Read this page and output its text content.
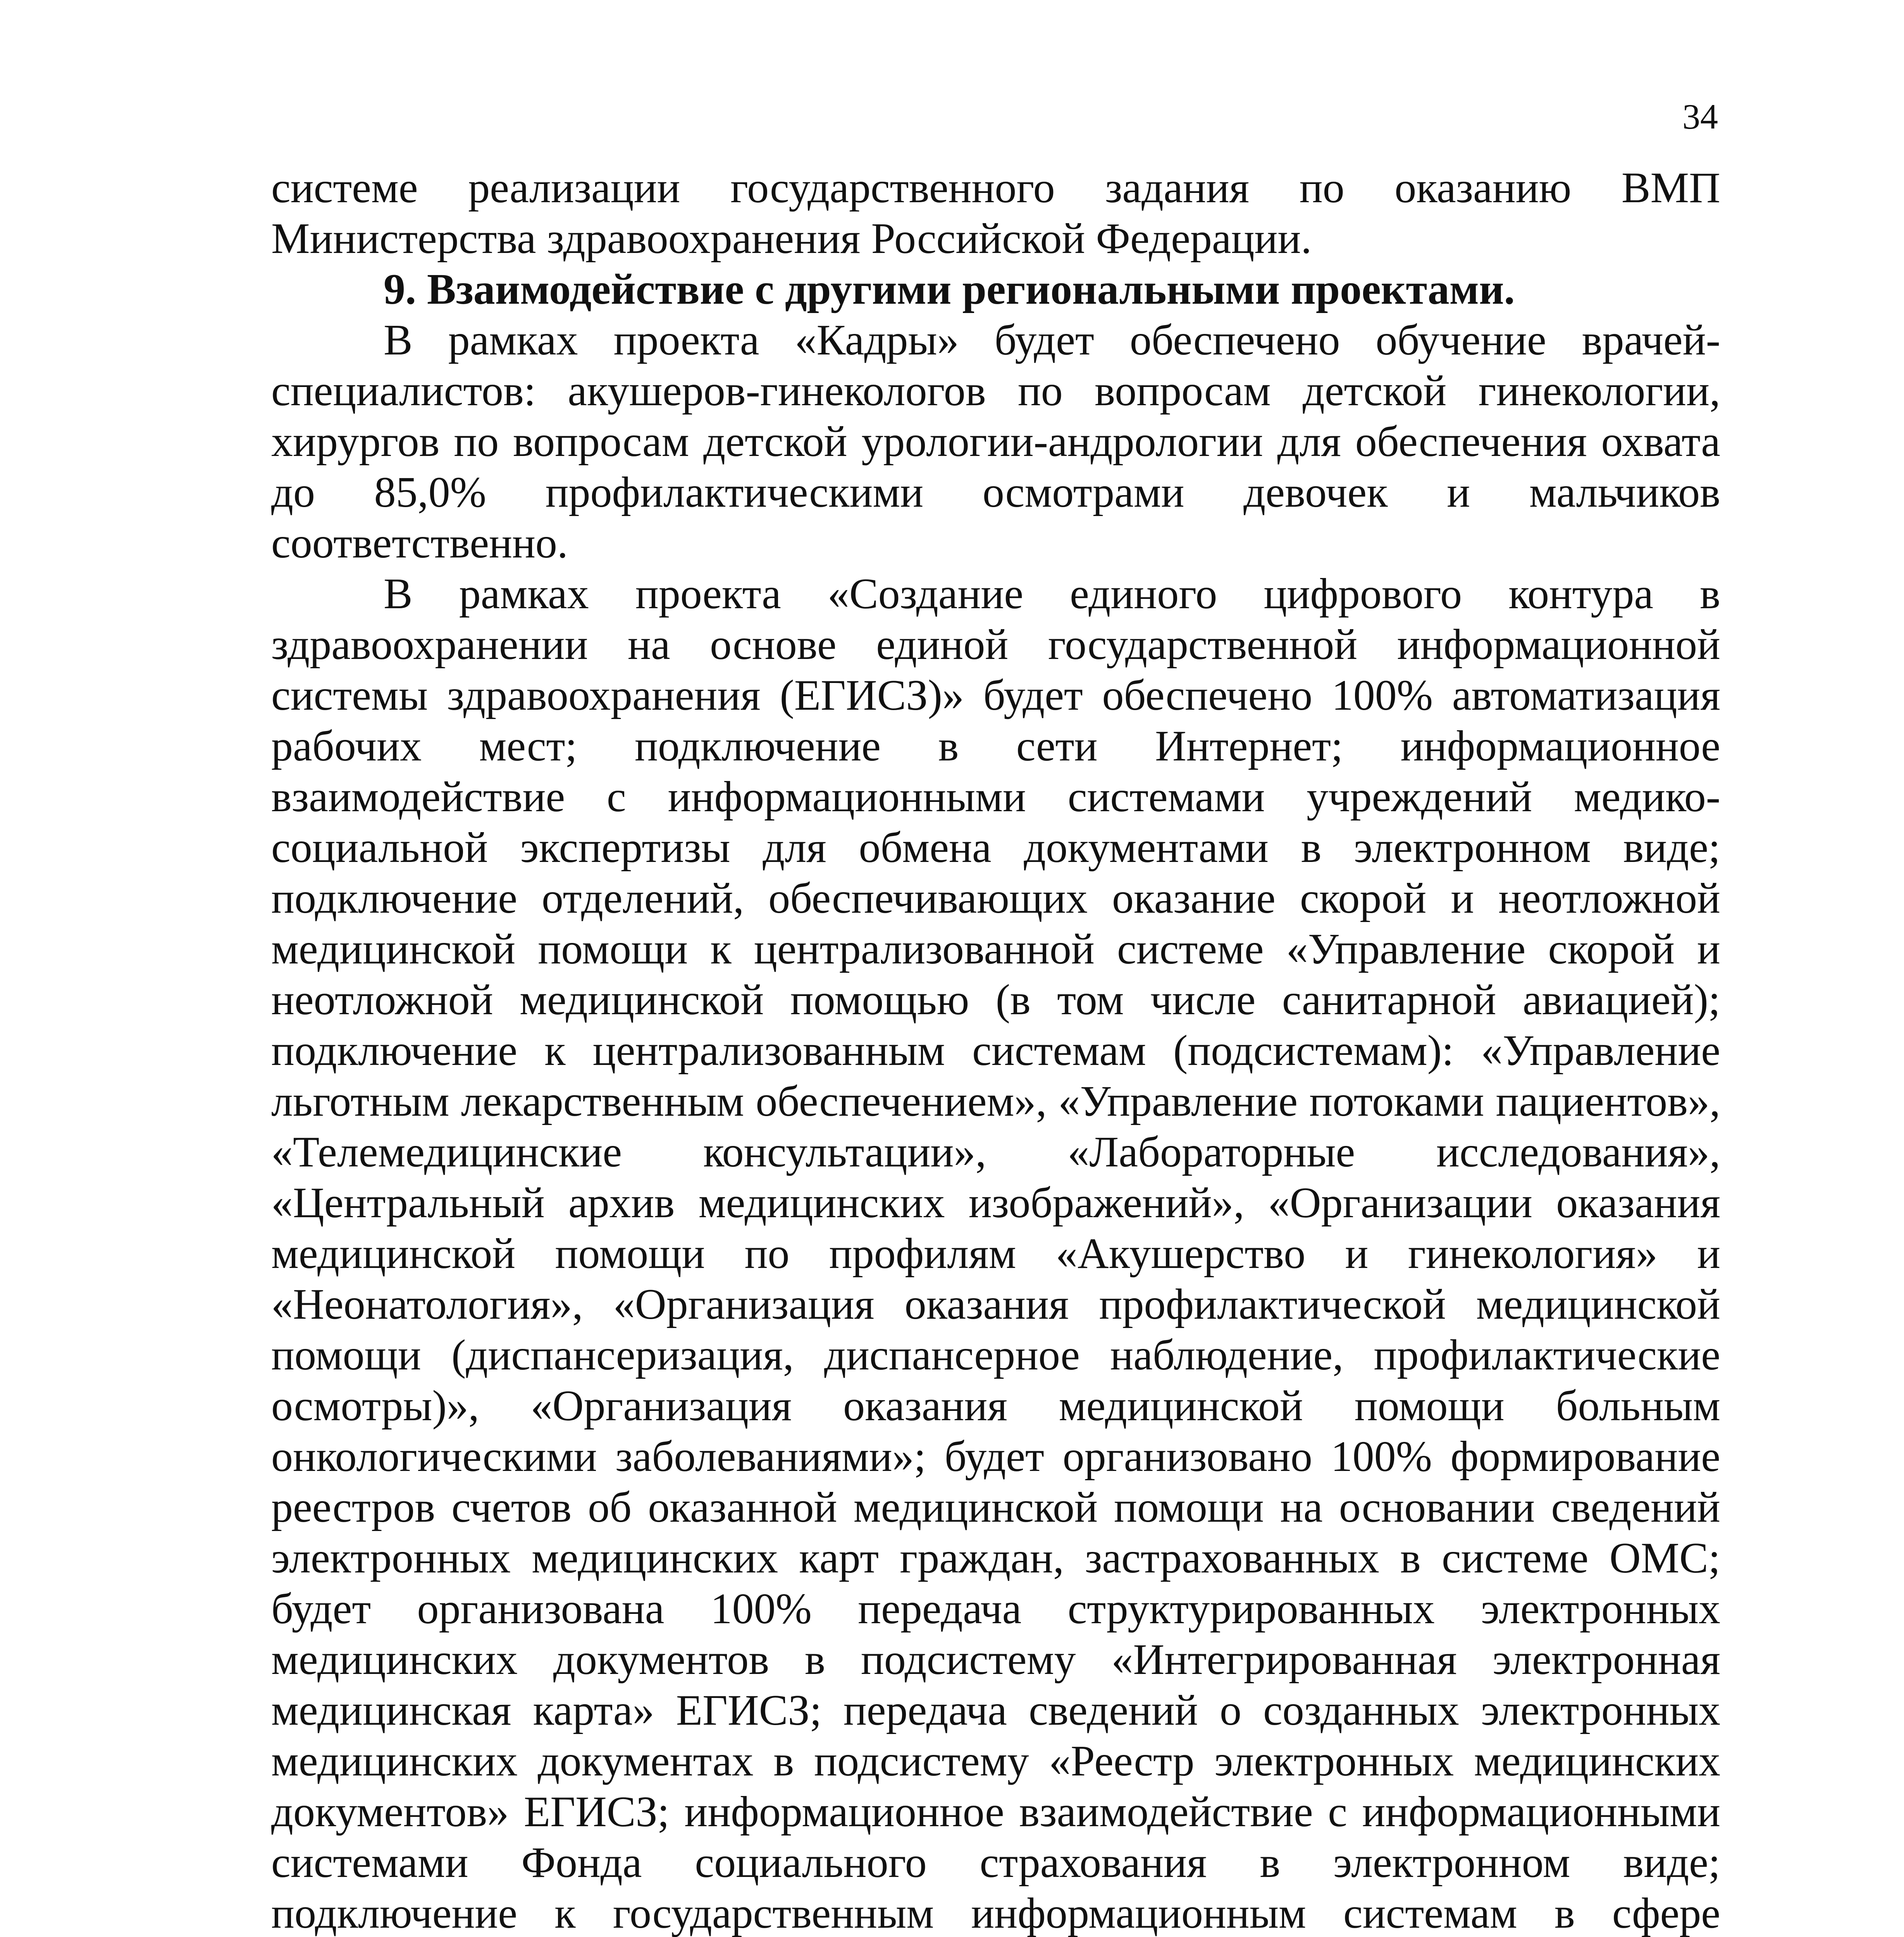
34

системе реализации государственного задания по оказанию ВМП Министерства здравоохранения Российской Федерации.

9. Взаимодействие с другими региональными проектами.

В рамках проекта «Кадры» будет обеспечено обучение врачей-специалистов: акушеров-гинекологов по вопросам детской гинекологии, хирургов по вопросам детской урологии-андрологии для обеспечения охвата до 85,0% профилактическими осмотрами девочек и мальчиков соответственно.

В рамках проекта «Создание единого цифрового контура в здравоохранении на основе единой государственной информационной системы здравоохранения (ЕГИСЗ)» будет обеспечено 100% автоматизация рабочих мест; подключение в сети Интернет; информационное взаимодействие с информационными системами учреждений медико-социальной экспертизы для обмена документами в электронном виде; подключение отделений, обеспечивающих оказание скорой и неотложной медицинской помощи к централизованной системе «Управление скорой и неотложной медицинской помощью (в том числе санитарной авиацией); подключение к централизованным системам (подсистемам): «Управление льготным лекарственным обеспечением», «Управление потоками пациентов», «Телемедицинские консультации», «Лабораторные исследования», «Центральный архив медицинских изображений», «Организации оказания медицинской помощи по профилям «Акушерство и гинекология» и «Неонатология», «Организация оказания профилактической медицинской помощи (диспансеризация, диспансерное наблюдение, профилактические осмотры)», «Организация оказания медицинской помощи больным онкологическими заболеваниями»; будет организовано 100% формирование реестров счетов об оказанной медицинской помощи на основании сведений электронных медицинских карт граждан, застрахованных в системе ОМС; будет организована 100% передача структурированных электронных медицинских документов в подсистему «Интегрированная электронная медицинская карта» ЕГИСЗ; передача сведений о созданных электронных медицинских документах в подсистему «Реестр электронных медицинских документов» ЕГИСЗ; информационное взаимодействие с информационными системами Фонда социального страхования в электронном виде; подключение к государственным информационным системам в сфере
